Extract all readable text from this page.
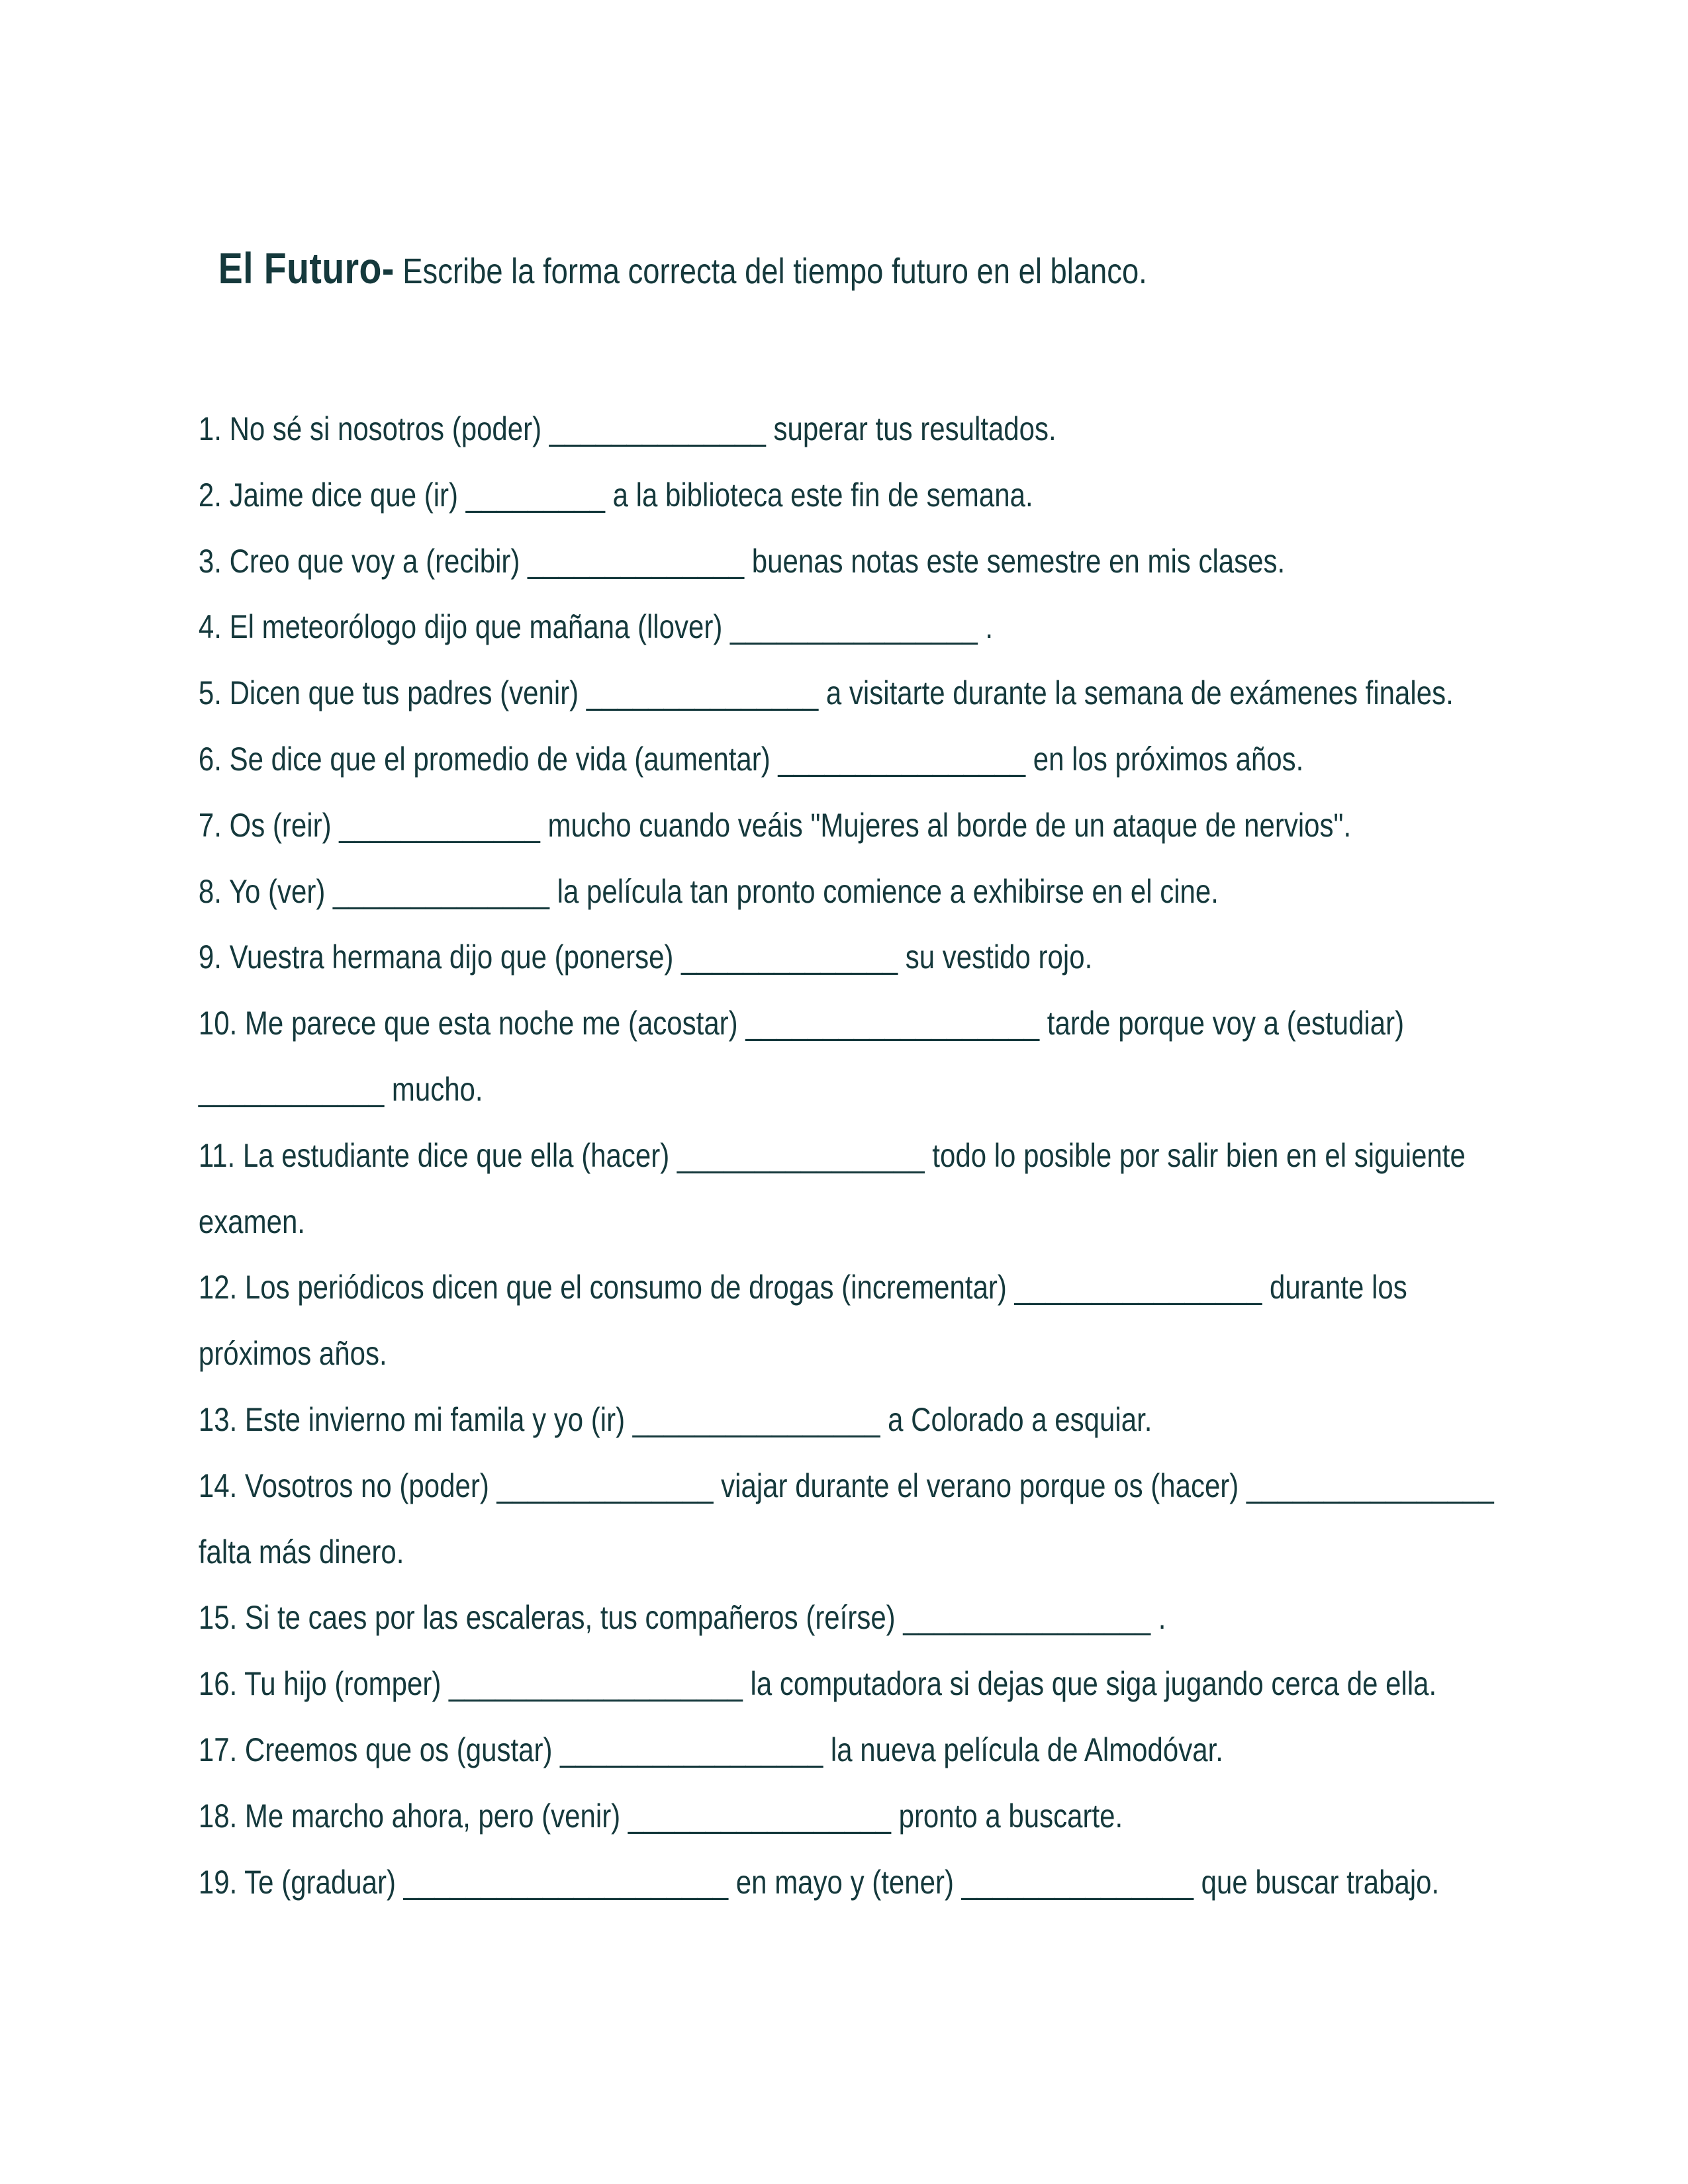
El Futuro- Escribe la forma correcta del tiempo futuro en el blanco.

1. No sé si nosotros (poder) ______________ superar tus resultados.
2. Jaime dice que (ir) _________ a la biblioteca este fin de semana.
3. Creo que voy a (recibir) ______________ buenas notas este semestre en mis clases.
4. El meteorólogo dijo que mañana (llover) ________________ .
5. Dicen que tus padres (venir) _______________ a visitarte durante la semana de exámenes finales.
6. Se dice que el promedio de vida (aumentar) ________________ en los próximos años.
7. Os (reir) _____________ mucho cuando veáis "Mujeres al borde de un ataque de nervios".
8. Yo (ver) ______________ la película tan pronto comience a exhibirse en el cine.
9. Vuestra hermana dijo que (ponerse) ______________ su vestido rojo.
10. Me parece que esta noche me (acostar) ___________________ tarde porque voy a (estudiar)
____________ mucho.
11. La estudiante dice que ella (hacer) ________________ todo lo posible por salir bien en el siguiente
examen.
12. Los periódicos dicen que el consumo de drogas (incrementar) ________________ durante los
próximos años.
13. Este invierno mi famila y yo (ir) ________________ a Colorado a esquiar.
14. Vosotros no (poder) ______________ viajar durante el verano porque os (hacer) ________________
falta más dinero.
15. Si te caes por las escaleras, tus compañeros (reírse) ________________ .
16. Tu hijo (romper) ___________________ la computadora si dejas que siga jugando cerca de ella.
17. Creemos que os (gustar) _________________ la nueva película de Almodóvar.
18. Me marcho ahora, pero (venir) _________________ pronto a buscarte.
19. Te (graduar) _____________________ en mayo y (tener) _______________ que buscar trabajo.
